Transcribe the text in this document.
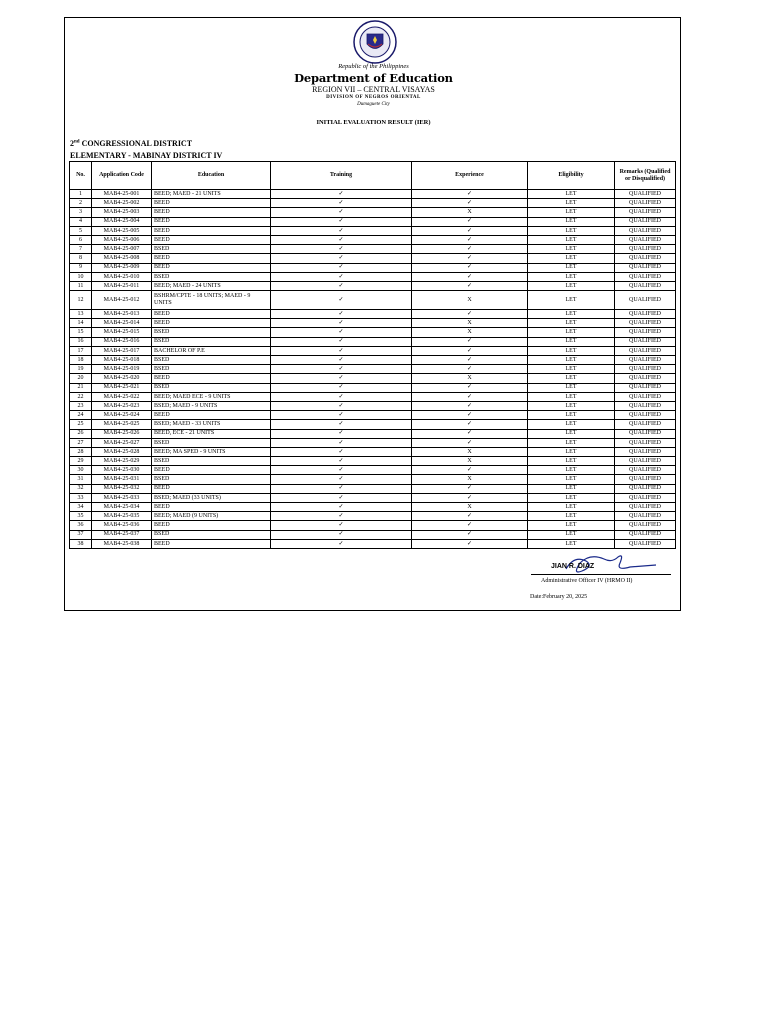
Republic of the Philippines
Department of Education
REGION VII – CENTRAL VISAYAS
DIVISION OF NEGROS ORIENTAL
Dumaguete City
INITIAL EVALUATION RESULT (IER)
2nd CONGRESSIONAL DISTRICT
ELEMENTARY - MABINAY DISTRICT IV
No.	Application Code	Education	Training	Experience	Eligibility	Remarks (Qualified or Disqualified)
1	MAB4-25-001	BEED; MAED - 21 UNITS	✓	✓	LET	QUALIFIED
2	MAB4-25-002	BEED	✓	✓	LET	QUALIFIED
3	MAB4-25-003	BEED	✓	X	LET	QUALIFIED
4	MAB4-25-004	BEED	✓	✓	LET	QUALIFIED
5	MAB4-25-005	BEED	✓	✓	LET	QUALIFIED
6	MAB4-25-006	BEED	✓	✓	LET	QUALIFIED
7	MAB4-25-007	BSED	✓	✓	LET	QUALIFIED
8	MAB4-25-008	BEED	✓	✓	LET	QUALIFIED
9	MAB4-25-009	BEED	✓	✓	LET	QUALIFIED
10	MAB4-25-010	BSED	✓	✓	LET	QUALIFIED
11	MAB4-25-011	BEED; MAED - 24 UNITS	✓	✓	LET	QUALIFIED
12	MAB4-25-012	BSHRM/CPTE - 18 UNITS; MAED - 9 UNITS	✓	X	LET	QUALIFIED
13	MAB4-25-013	BEED	✓	✓	LET	QUALIFIED
14	MAB4-25-014	BEED	✓	X	LET	QUALIFIED
15	MAB4-25-015	BSED	✓	X	LET	QUALIFIED
16	MAB4-25-016	BSED	✓	✓	LET	QUALIFIED
17	MAB4-25-017	BACHELOR OF P.E	✓	✓	LET	QUALIFIED
18	MAB4-25-018	BSED	✓	✓	LET	QUALIFIED
19	MAB4-25-019	BSED	✓	✓	LET	QUALIFIED
20	MAB4-25-020	BEED	✓	X	LET	QUALIFIED
21	MAB4-25-021	BSED	✓	✓	LET	QUALIFIED
22	MAB4-25-022	BEED; MAED ECE - 9 UNITS	✓	✓	LET	QUALIFIED
23	MAB4-25-023	BSED; MAED - 9 UNITS	✓	✓	LET	QUALIFIED
24	MAB4-25-024	BEED	✓	✓	LET	QUALIFIED
25	MAB4-25-025	BSED; MAED - 33 UNITS	✓	✓	LET	QUALIFIED
26	MAB4-25-026	BEED, ECE - 21 UNITS	✓	✓	LET	QUALIFIED
27	MAB4-25-027	BSED	✓	✓	LET	QUALIFIED
28	MAB4-25-028	BEED; MA SPED - 9 UNITS	✓	X	LET	QUALIFIED
29	MAB4-25-029	BSED	✓	X	LET	QUALIFIED
30	MAB4-25-030	BEED	✓	✓	LET	QUALIFIED
31	MAB4-25-031	BSED	✓	X	LET	QUALIFIED
32	MAB4-25-032	BEED	✓	✓	LET	QUALIFIED
33	MAB4-25-033	BSED; MAED (33 UNITS)	✓	✓	LET	QUALIFIED
34	MAB4-25-034	BEED	✓	X	LET	QUALIFIED
35	MAB4-25-035	BEED; MAED (9 UNITS)	✓	✓	LET	QUALIFIED
36	MAB4-25-036	BEED	✓	✓	LET	QUALIFIED
37	MAB4-25-037	BSED	✓	✓	LET	QUALIFIED
38	MAB4-25-038	BEED	✓	✓	LET	QUALIFIED
JIAN R. DIAZ
Administrative Officer IV (HRMO II)
Date:February 20, 2025
